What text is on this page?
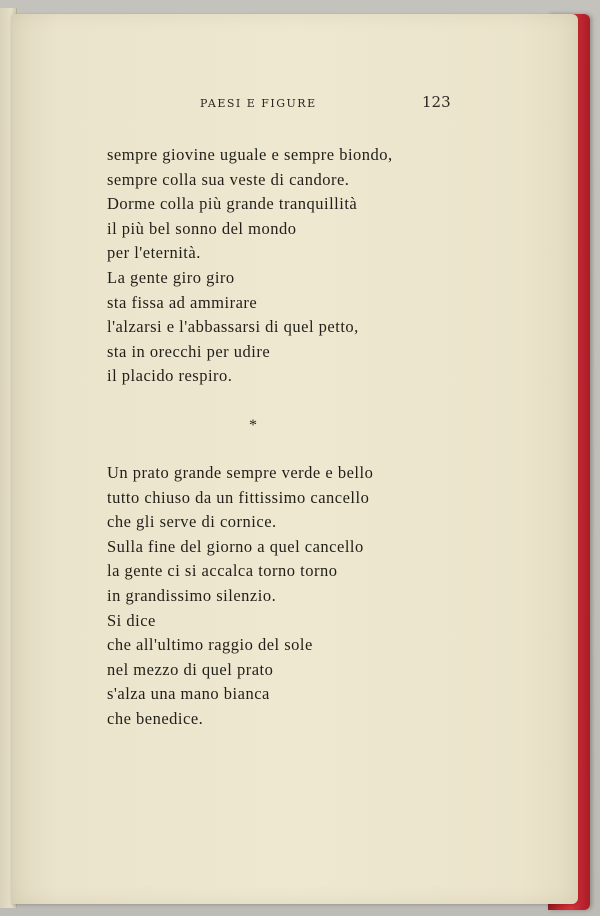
PAESI E FIGURE	123
sempre giovine uguale e sempre biondo,
sempre colla sua veste di candore.
Dorme colla più grande tranquillità
il più bel sonno del mondo
per l'eternità.
La gente giro giro
sta fissa ad ammirare
l'alzarsi e l'abbassarsi di quel petto,
sta in orecchi per udire
il placido respiro.
*
Un prato grande sempre verde e bello
tutto chiuso da un fittissimo cancello
che gli serve di cornice.
Sulla fine del giorno a quel cancello
la gente ci si accalca torno torno
in grandissimo silenzio.
Si dice
che all'ultimo raggio del sole
nel mezzo di quel prato
s'alza una mano bianca
che benedice.
